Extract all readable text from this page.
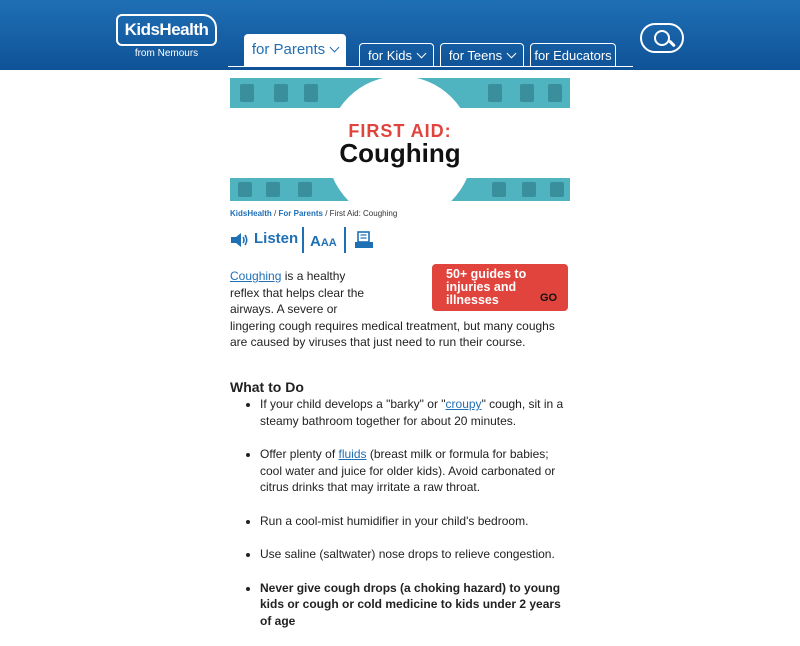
KidsHealth
from Nemours	for Parents	for Kids	for Teens	for Educators
FIRST AID:
Coughing
KidsHealth / For Parents / First Aid: Coughing
Listen AAA
50+ guides to injuries and illnesses	GO

Coughing is a healthy reflex that helps clear the airways. A severe or lingering cough requires medical treatment, but many coughs are caused by viruses that just need to run their course.

What to Do
• If your child develops a "barky" or "croupy" cough, sit in a steamy bathroom together for about 20 minutes.
• Offer plenty of fluids (breast milk or formula for babies; cool water and juice for older kids). Avoid carbonated or citrus drinks that may irritate a raw throat.
• Run a cool-mist humidifier in your child's bedroom.
• Use saline (saltwater) nose drops to relieve congestion.
• Never give cough drops (a choking hazard) to young kids or cough or cold medicine to kids under 2 years of age
